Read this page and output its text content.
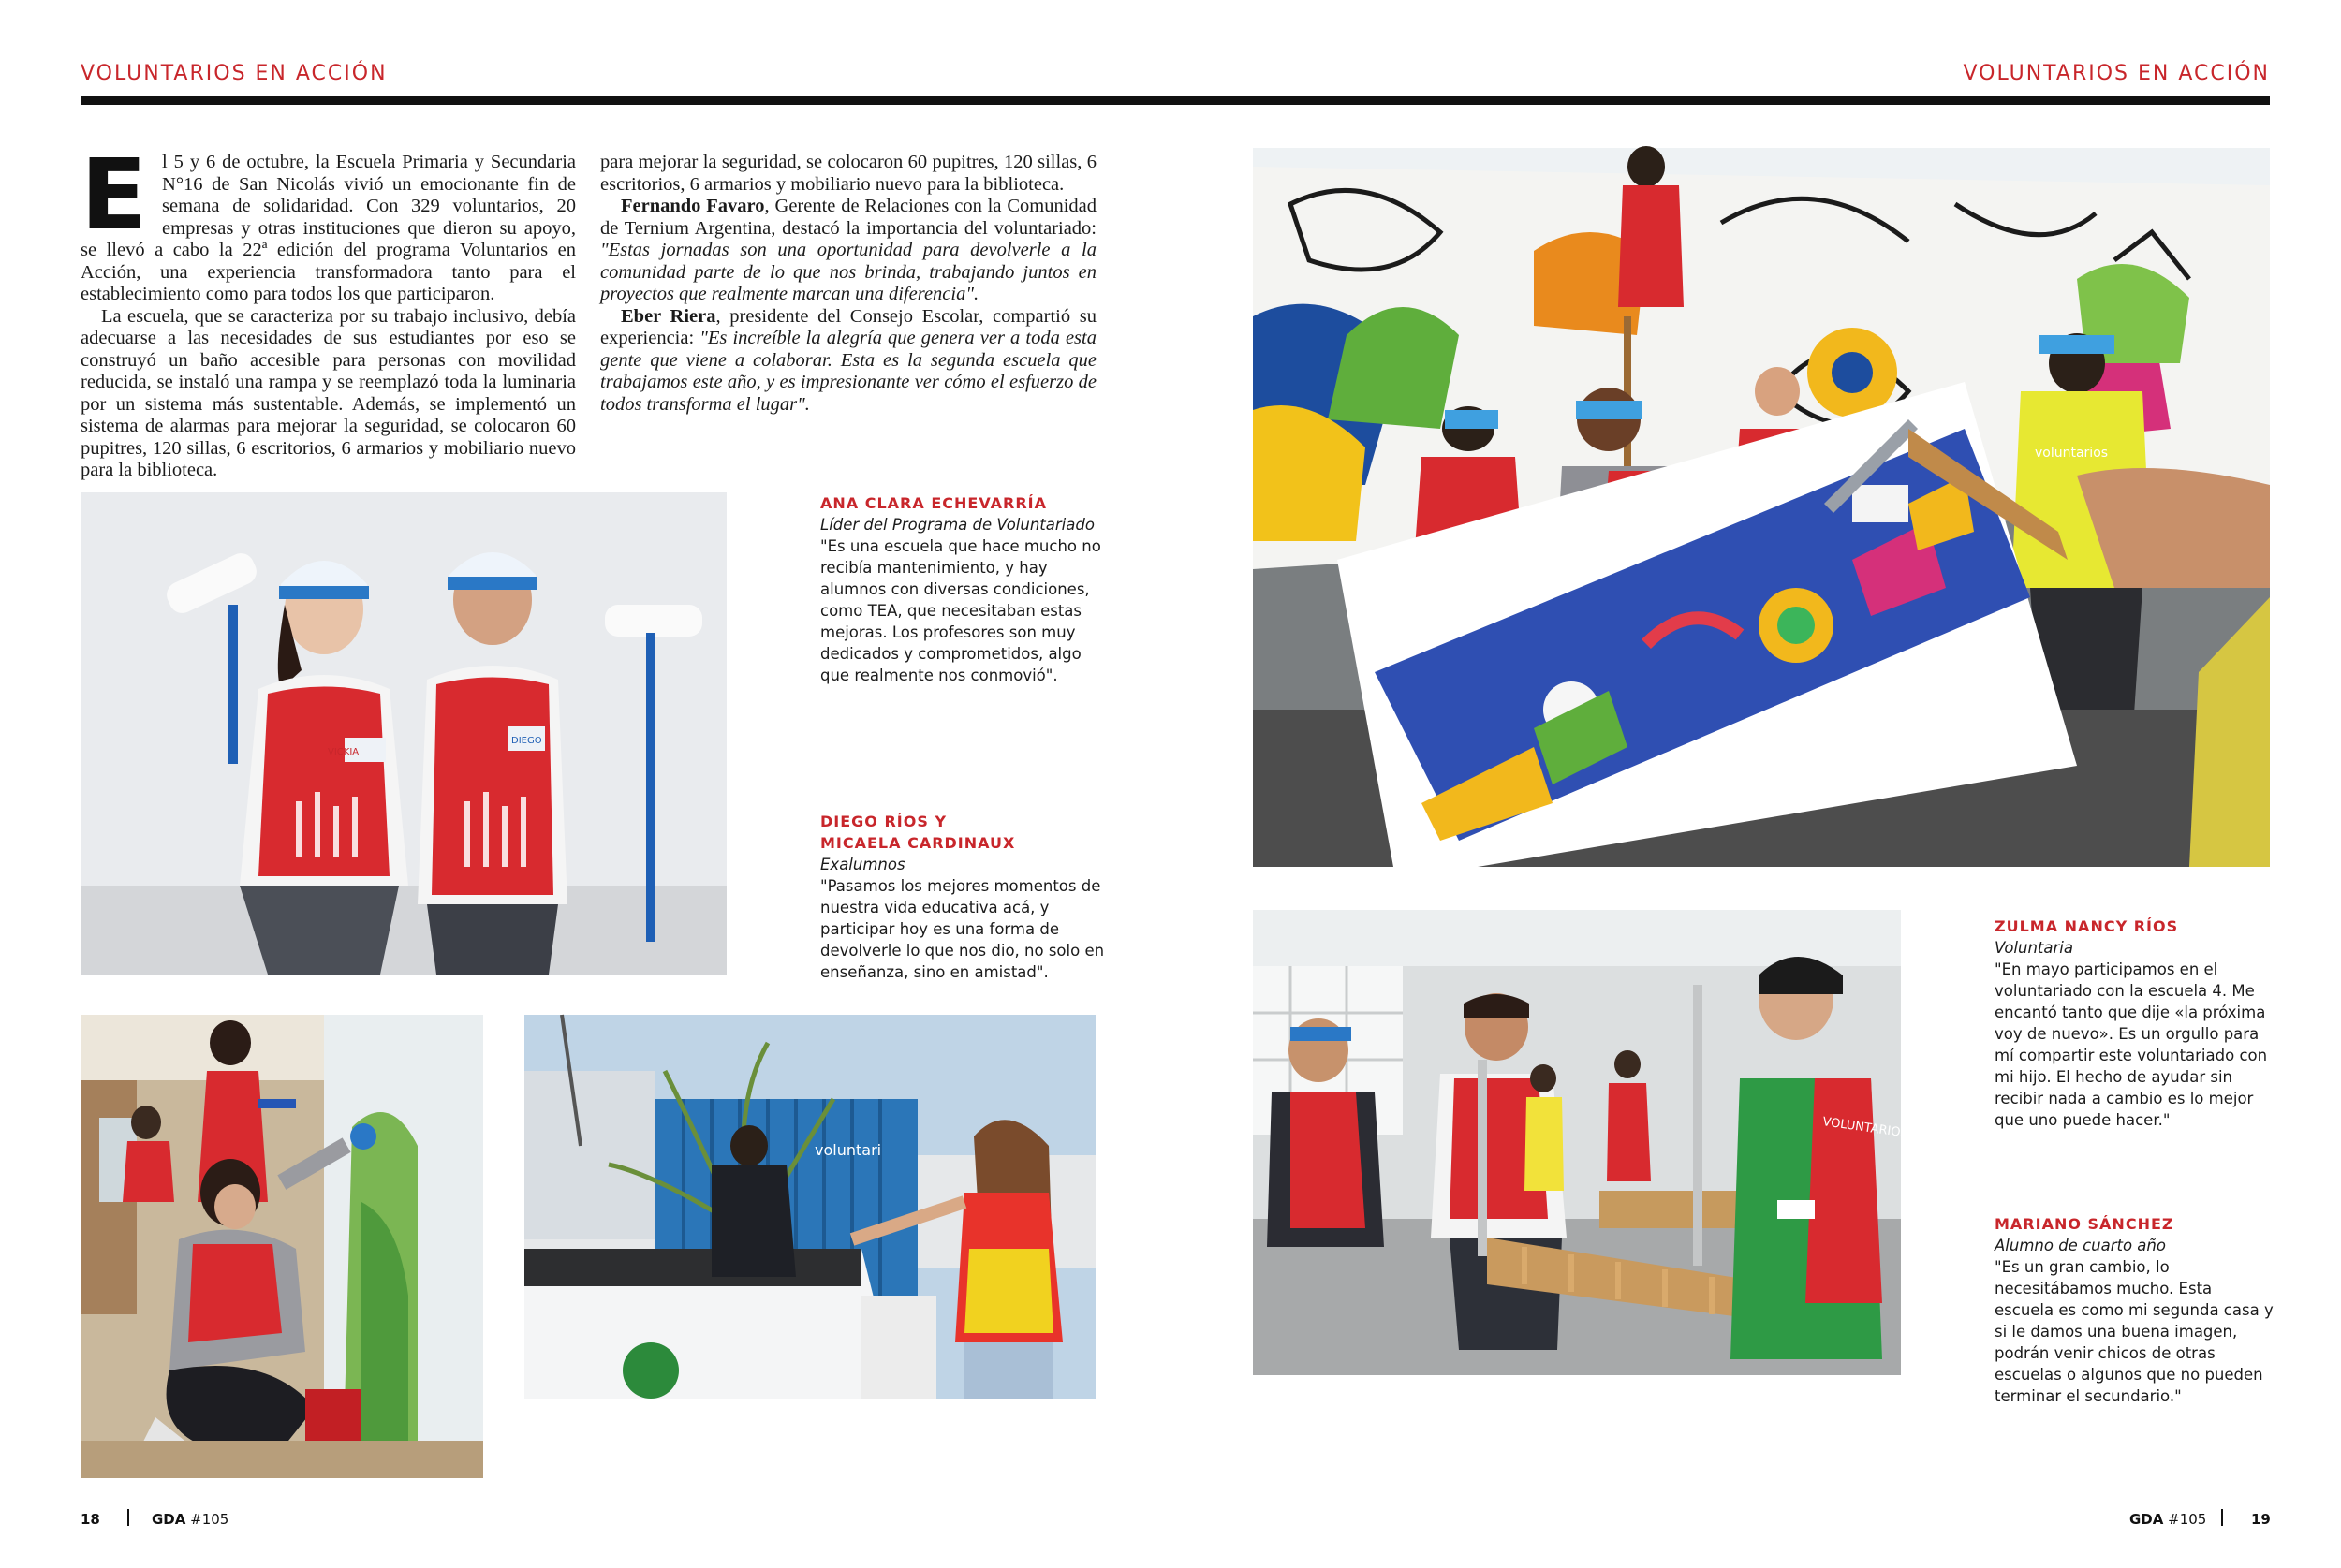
VOLUNTARIOS EN ACCIÓN	VOLUNTARIOS EN ACCIÓN

E l 5 y 6 de octubre, la Escuela Primaria y Secundaria N°16 de San Nicolás vivió un emocionante fin de semana de solidaridad. Con 329 voluntarios, 20 empresas y otras instituciones que dieron su apoyo, se llevó a cabo la 22ª edición del programa Voluntarios en Acción, una experiencia transformadora tanto para el establecimiento como para todos los que participaron.

La escuela, que se caracteriza por su trabajo inclusivo, debía adecuarse a las necesidades de sus estudiantes por eso se construyó un baño accesible para personas con movilidad reducida, se instaló una rampa y se reemplazó toda la luminaria por un sistema más sustentable. Además, se implementó un sistema de alarmas para mejorar la seguridad, se colocaron 60 pupitres, 120 sillas, 6 escritorios, 6 armarios y mobiliario nuevo para la biblioteca.

para mejorar la seguridad, se colocaron 60 pupitres, 120 sillas, 6 escritorios, 6 armarios y mobiliario nuevo para la biblioteca.

Fernando Favaro, Gerente de Relaciones con la Comunidad de Ternium Argentina, destacó la importancia del voluntariado: "Estas jornadas son una oportunidad para devolverle a la comunidad parte de lo que nos brinda, trabajando juntos en proyectos que realmente marcan una diferencia".

Eber Riera, presidente del Consejo Escolar, compartió su experiencia: "Es increíble la alegría que genera ver a toda esta gente que viene a colaborar. Esta es la segunda escuela que trabajamos este año, y es impresionante ver cómo el esfuerzo de todos transforma el lugar".

VICKIA
DIEGO
voluntari
voluntarios
VOLUNTARIOS EN ACCIÓN
ANA CLARA ECHEVARRÍA
Líder del Programa de Voluntariado
"Es una escuela que hace mucho no recibía mantenimiento, y hay alumnos con diversas condiciones, como TEA, que necesitaban estas mejoras. Los profesores son muy dedicados y comprometidos, algo que realmente nos conmovió".
DIEGO RÍOS Y
MICAELA CARDINAUX
Exalumnos
"Pasamos los mejores momentos de nuestra vida educativa acá, y participar hoy es una forma de devolverle lo que nos dio, no solo en enseñanza, sino en amistad".
ZULMA NANCY RÍOS
Voluntaria
"En mayo participamos en el voluntariado con la escuela 4. Me encantó tanto que dije «la próxima voy de nuevo». Es un orgullo para mí compartir este voluntariado con mi hijo. El hecho de ayudar sin recibir nada a cambio es lo mejor que uno puede hacer."
MARIANO SÁNCHEZ
Alumno de cuarto año
"Es un gran cambio, lo necesitábamos mucho. Esta escuela es como mi segunda casa y si le damos una buena imagen, podrán venir chicos de otras escuelas o algunos que no pueden terminar el secundario."
18	GDA #105	GDA #105	19
